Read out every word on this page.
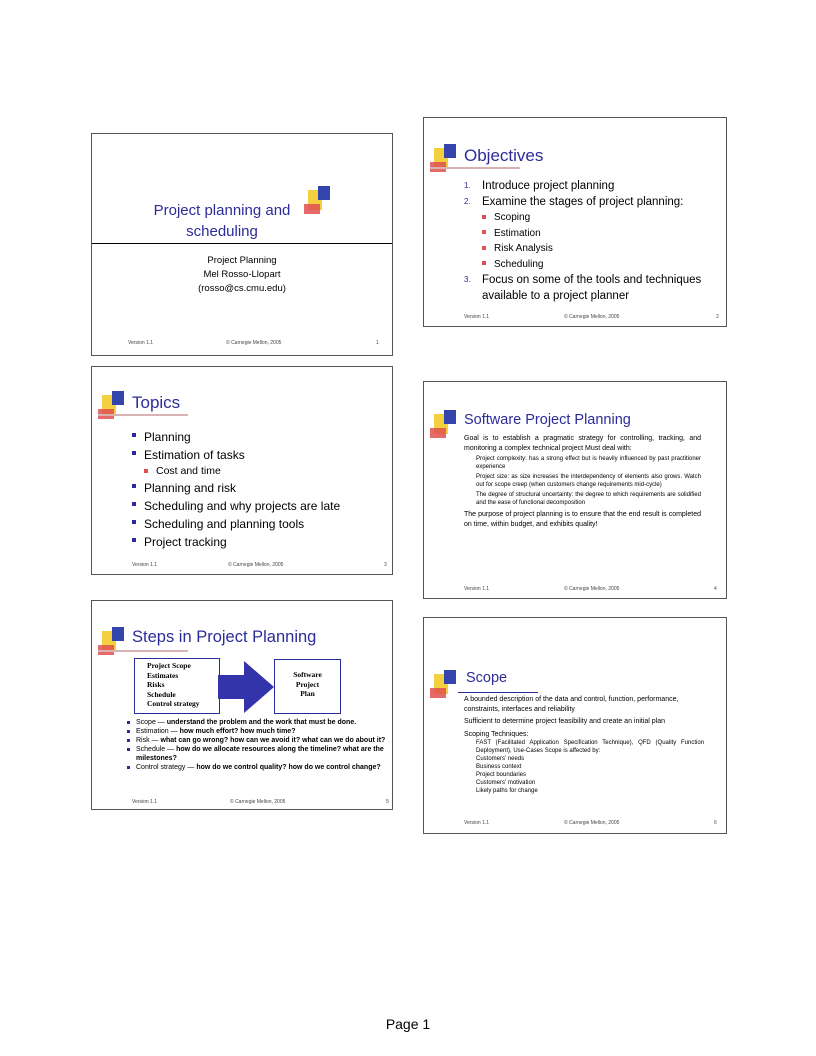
Project planning and scheduling
Project Planning
Mel Rosso-Llopart
(rosso@cs.cmu.edu)
Version 1.1	© Carnegie Mellon, 2005	1
Objectives
1. Introduce project planning
2. Examine the stages of project planning:
Scoping
Estimation
Risk Analysis
Scheduling
3. Focus on some of the tools and techniques available to a project planner
Version 1.1	© Carnegie Mellon, 2005	2
Topics
Planning
Estimation of tasks
Cost and time
Planning and risk
Scheduling and why projects are late
Scheduling and planning tools
Project tracking
Version 1.1	© Carnegie Mellon, 2005	3
Software Project Planning
Goal is to establish a pragmatic strategy for controlling, tracking, and monitoring a complex technical project Must deal with:
Project complexity: has a strong effect but is heavily influenced by past practitioner experience
Project size: as size increases the interdependency of elements also grows. Watch out for scope creep (when customers change requirements mid-cycle)
The degree of structural uncertainty: the degree to which requirements are solidified and the ease of functional decomposition
The purpose of project planning is to ensure that the end result is completed on time, within budget, and exhibits quality!
Version 1.1	© Carnegie Mellon, 2005	4
Steps in Project Planning
Project Scope
Estimates
Risks
Schedule
Control strategy
Software
Project
Plan
Scope — understand the problem and the work that must be done.
Estimation — how much effort? how much time?
Risk — what can go wrong? how can we avoid it? what can we do about it?
Schedule — how do we allocate resources along the timeline? what are the milestones?
Control strategy — how do we control quality? how do we control change?
Version 1.1	© Carnegie Mellon, 2005	5
Scope
A bounded description of the data and control, function, performance, constraints, interfaces and reliability
Sufficient to determine project feasibility and create an initial plan
Scoping Techniques:
FAST (Facilitated Application Specification Technique), QFD (Quality Function Deployment), Use-Cases Scope is affected by:
Customers' needs
Business context
Project boundaries
Customers' motivation
Likely paths for change
Version 1.1	© Carnegie Mellon, 2005	6
Page 1
